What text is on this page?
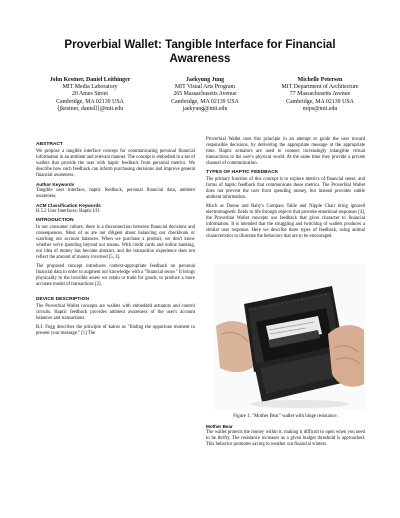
Proverbial Wallet: Tangible Interface for Financial Awareness
John Kestner, Daniel Leithinger
MIT Media Laboratory
20 Ames Street
Cambridge, MA 02139 USA
{jkestner, daniell}@mit.edu
Jaekyung Jung
MIT Visual Arts Program
265 Massachusetts Avenue
Cambridge, MA 02139 USA
jaekyung@mit.edu
Michelle Petersen
MIT Department of Architecture
77 Massachusetts Avenue
Cambridge, MA 02139 USA
mips@mit.edu
ABSTRACT

We propose a tangible interface concept for communicating personal financial information in an ambient and relevant manner. The concept is embodied in a set of wallets that provide the user with haptic feedback from personal metrics. We describe how such feedback can inform purchasing decisions and improve general financial awareness.

Author Keywords

Tangible user interface, haptic feedback, personal financial data, ambient awareness

ACM Classification Keywords

H.5.2 User Interfaces: Haptic I/O.

INTRODUCTION

In our consumer culture, there is a disconnection between financial decisions and consequences. Most of us are not diligent about balancing our checkbook or watching our account balances. When we purchase a product, we don't know whether we're spending beyond our means. With credit cards and online banking, our idea of money has become abstract, and the transaction experience does not reflect the amount of money involved [5, 3].

The proposed concept introduces context-appropriate feedback on personal financial data in order to augment our knowledge with a "financial sense." It brings physicality to the invisible assets we retain or trade for goods, to produce a more accurate model of transactions [2].

DEVICE DESCRIPTION

The Proverbial Wallet concepts are wallets with embedded actuators and control circuits. Haptic feedback provides ambient awareness of the user's account balances and transactions.

B.J. Fogg describes the principle of kairos as "finding the opportune moment to present your message." [1] The

Proverbial Wallet uses this principle in an attempt to guide the user toward responsible decisions, by delivering the appropriate message at the appropriate time. Haptic actuators are used to connect increasingly intangible virtual transactions to the user's physical world. At the same time they provide a private channel of communication.

TYPES OF HAPTIC FEEDBACK

The primary function of this concept is to explore metrics of financial sense, and forms of haptic feedback that communicate these metrics. The Proverbial Wallet does not prevent the user from spending money, but instead provides subtle ambient information.

Much as Dunne and Raby's Compass Table and Nipple Chair bring ignored electromagnetic fields to life through objects that provoke emotional responses [4], the Proverbial Wallet concepts use feedback that gives character to financial information. It is intended that the struggling and twitching of wallets produces a similar user response. Here we describe three types of feedback, using animal characteristics to illustrate the behaviors that are to be encouraged.

Figure 1. "Mother Bear" wallet with hinge resistance.
Mother Bear

The wallet protects the money within it, making it difficult to open when you need to be thrifty. The resistance increases as a given budget threshold is approached. This behavior promotes saving to weather out financial winters.
